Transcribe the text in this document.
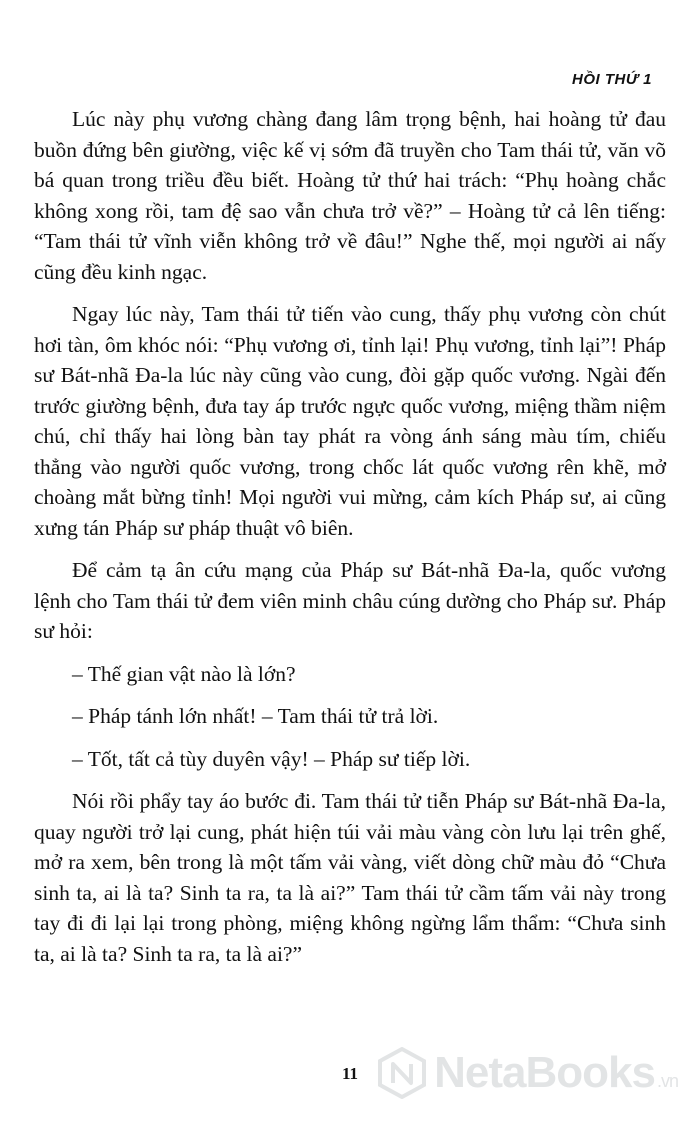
HỒI THỨ 1

Lúc này phụ vương chàng đang lâm trọng bệnh, hai hoàng tử đau buồn đứng bên giường, việc kế vị sớm đã truyền cho Tam thái tử, văn võ bá quan trong triều đều biết. Hoàng tử thứ hai trách: “Phụ hoàng chắc không xong rồi, tam đệ sao vẫn chưa trở về?” – Hoàng tử cả lên tiếng: “Tam thái tử vĩnh viễn không trở về đâu!” Nghe thế, mọi người ai nấy cũng đều kinh ngạc.

Ngay lúc này, Tam thái tử tiến vào cung, thấy phụ vương còn chút hơi tàn, ôm khóc nói: “Phụ vương ơi, tỉnh lại! Phụ vương, tỉnh lại”! Pháp sư Bát-nhã Đa-la lúc này cũng vào cung, đòi gặp quốc vương. Ngài đến trước giường bệnh, đưa tay áp trước ngực quốc vương, miệng thầm niệm chú, chỉ thấy hai lòng bàn tay phát ra vòng ánh sáng màu tím, chiếu thẳng vào người quốc vương, trong chốc lát quốc vương rên khẽ, mở choàng mắt bừng tỉnh! Mọi người vui mừng, cảm kích Pháp sư, ai cũng xưng tán Pháp sư pháp thuật vô biên.

Để cảm tạ ân cứu mạng của Pháp sư Bát-nhã Đa-la, quốc vương lệnh cho Tam thái tử đem viên minh châu cúng dường cho Pháp sư. Pháp sư hỏi:

– Thế gian vật nào là lớn?

– Pháp tánh lớn nhất! – Tam thái tử trả lời.

– Tốt, tất cả tùy duyên vậy! – Pháp sư tiếp lời.

Nói rồi phẩy tay áo bước đi. Tam thái tử tiễn Pháp sư Bát-nhã Đa-la, quay người trở lại cung, phát hiện túi vải màu vàng còn lưu lại trên ghế, mở ra xem, bên trong là một tấm vải vàng, viết dòng chữ màu đỏ “Chưa sinh ta, ai là ta? Sinh ta ra, ta là ai?” Tam thái tử cầm tấm vải này trong tay đi đi lại lại trong phòng, miệng không ngừng lẩm thẩm: “Chưa sinh ta, ai là ta? Sinh ta ra, ta là ai?”

11	NetaBooks .vn
